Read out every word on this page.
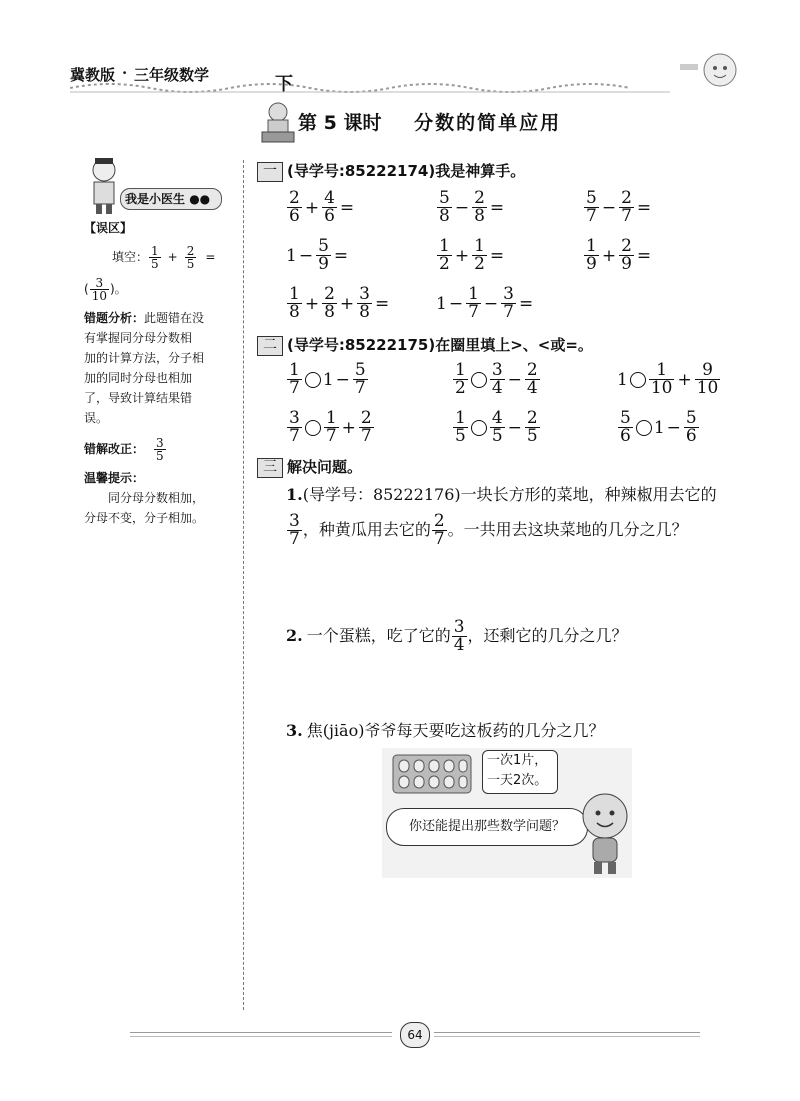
冀教版 · 三年级数学	下
第 5 课时 分数的简单应用
我是小医生 ●●
【误区】
填空： $\frac{1}{5} + \frac{2}{5}$ =
( $\frac{3}{10}$ )。
错题分析：此题错在没
有掌握同分母分数相
加的计算方法，分子相
加的同时分母也相加
了，导致计算结果错
误。
错解改正： $\frac{3}{5}$
温馨提示：
同分母分数相加，
分母不变，分子相加。
一 (导学号:85222174)我是神算手。
$\frac{2}{6} + \frac{4}{6}$ =	$\frac{5}{8} - \frac{2}{8}$ =	$\frac{5}{7} - \frac{2}{7}$ =
$1 - \frac{5}{9}$ =	$\frac{1}{2} + \frac{1}{2}$ =	$\frac{1}{9} + \frac{2}{9}$ =
$\frac{1}{8} + \frac{2}{8} + \frac{3}{8}$ =	$1 - \frac{1}{7} - \frac{3}{7}$ =
二 (导学号:85222175)在圈里填上>、<或=。
$\frac{1}{7} 1 - \frac{5}{7}$	$\frac{1}{2} \frac{3}{4} - \frac{2}{4}$	$1 \frac{1}{10} + \frac{9}{10}$
$\frac{3}{7} \frac{1}{7} + \frac{2}{7}$	$\frac{1}{5} \frac{4}{5} - \frac{2}{5}$	$\frac{5}{6} 1 - \frac{5}{6}$
三 解决问题。
1.(导学号：85222176)一块长方形的菜地，种辣椒用去它的
$\frac{3}{7}$ ，种黄瓜用去它的 $\frac{2}{7}$ 。一共用去这块菜地的几分之几？
2. 一个蛋糕，吃了它的 $\frac{3}{4}$ ，还剩它的几分之几？
3. 焦(jiāo)爷爷每天要吃这板药的几分之几？
一次1片，
一天2次。
你还能提出那些数学问题？
64
